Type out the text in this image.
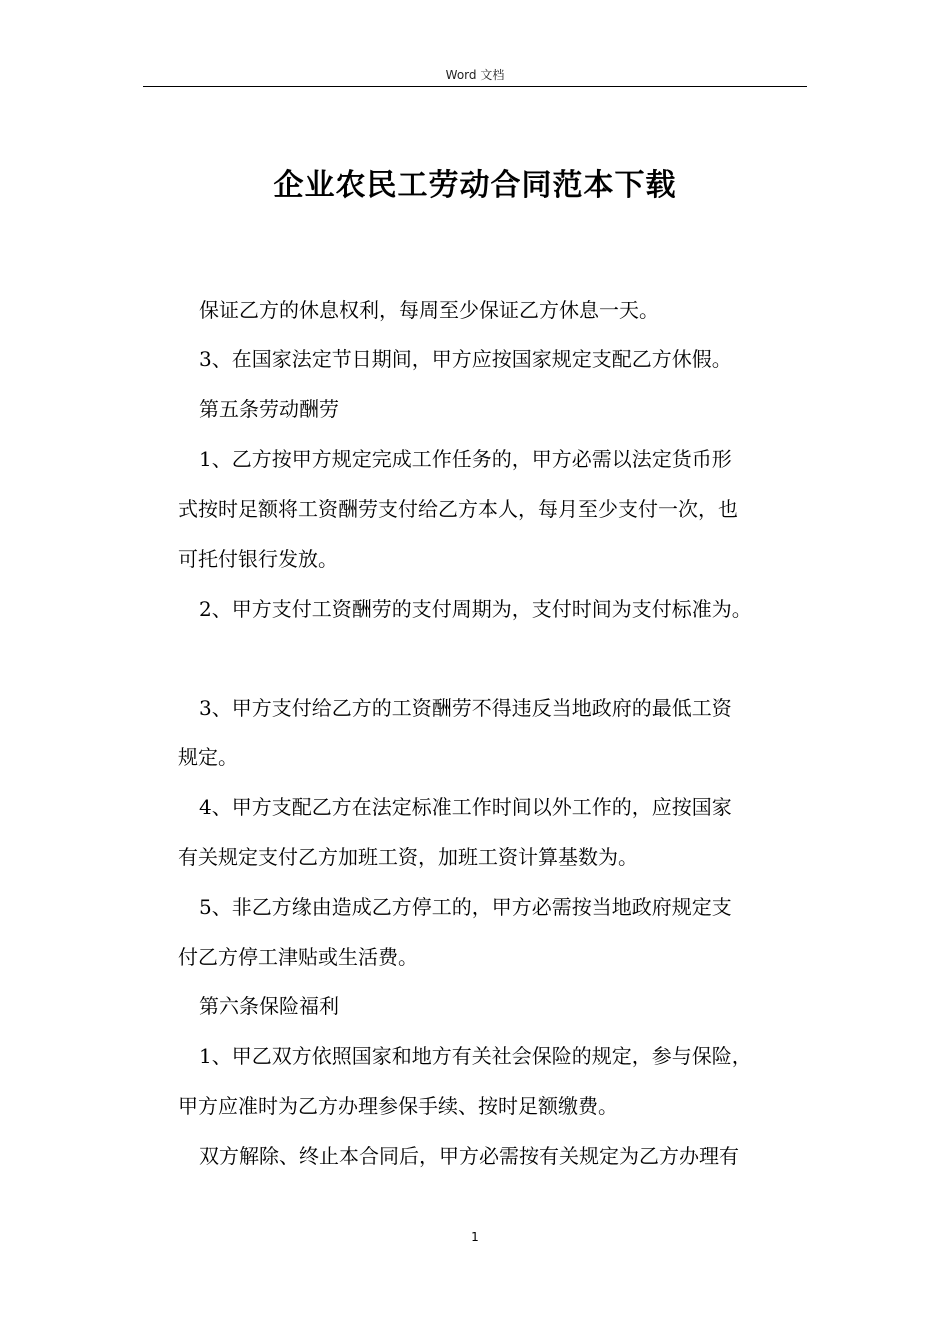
Word 文档
企业农民工劳动合同范本下载
保证乙方的休息权利，每周至少保证乙方休息一天。
3、在国家法定节日期间，甲方应按国家规定支配乙方休假。
第五条劳动酬劳
1、乙方按甲方规定完成工作任务的，甲方必需以法定货币形
式按时足额将工资酬劳支付给乙方本人，每月至少支付一次，也
可托付银行发放。
2、甲方支付工资酬劳的支付周期为，支付时间为支付标准为。
3、甲方支付给乙方的工资酬劳不得违反当地政府的最低工资
规定。
4、甲方支配乙方在法定标准工作时间以外工作的，应按国家
有关规定支付乙方加班工资，加班工资计算基数为。
5、非乙方缘由造成乙方停工的，甲方必需按当地政府规定支
付乙方停工津贴或生活费。
第六条保险福利
1、甲乙双方依照国家和地方有关社会保险的规定，参与保险，
甲方应准时为乙方办理参保手续、按时足额缴费。
双方解除、终止本合同后，甲方必需按有关规定为乙方办理有
1
